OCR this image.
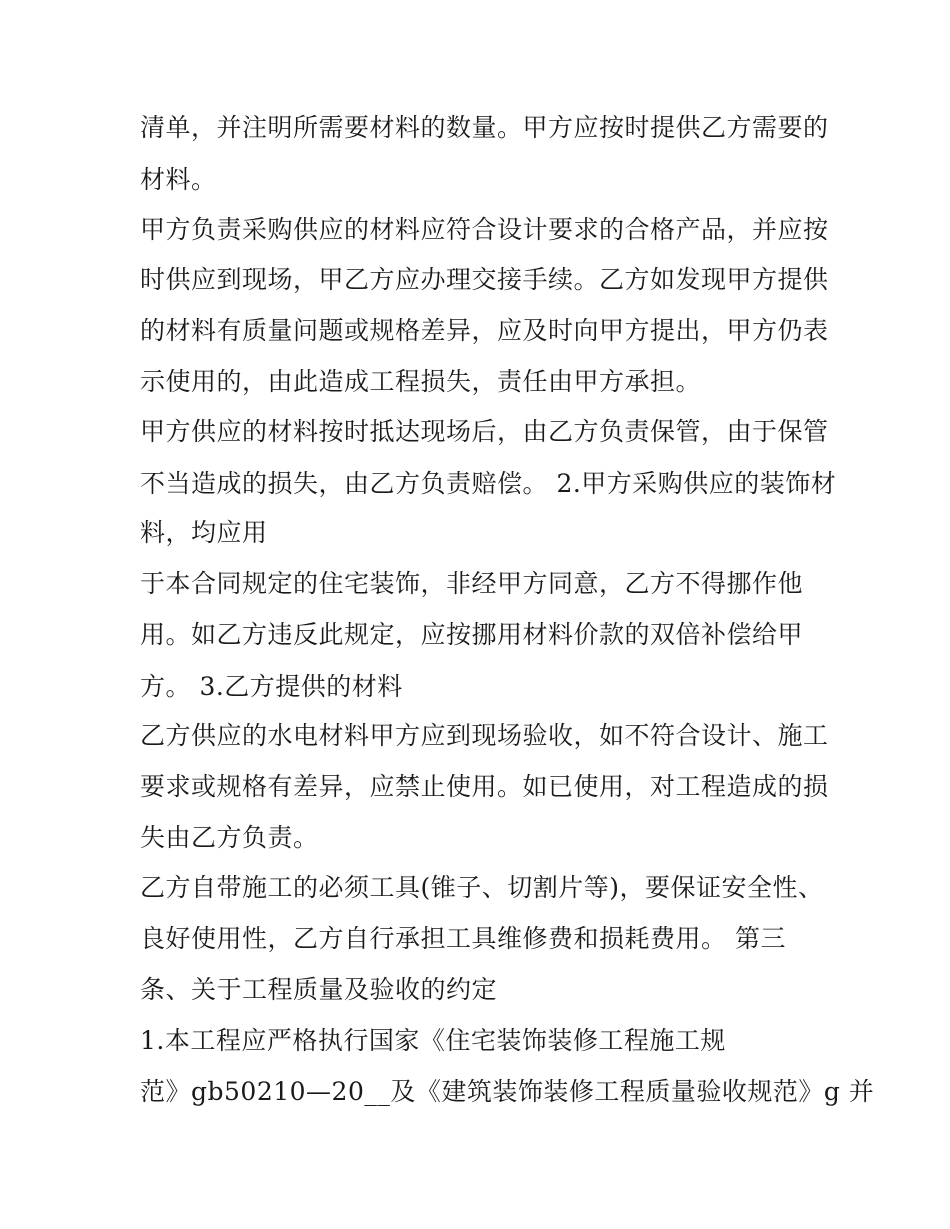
清单，并注明所需要材料的数量。甲方应按时提供乙方需要的
材料。
甲方负责采购供应的材料应符合设计要求的合格产品，并应按
时供应到现场，甲乙方应办理交接手续。乙方如发现甲方提供
的材料有质量问题或规格差异，应及时向甲方提出，甲方仍表
示使用的，由此造成工程损失，责任由甲方承担。
甲方供应的材料按时抵达现场后，由乙方负责保管，由于保管
不当造成的损失，由乙方负责赔偿。 2.甲方采购供应的装饰材
料，均应用
于本合同规定的住宅装饰，非经甲方同意，乙方不得挪作他
用。如乙方违反此规定，应按挪用材料价款的双倍补偿给甲
方。 3.乙方提供的材料
乙方供应的水电材料甲方应到现场验收，如不符合设计、施工
要求或规格有差异，应禁止使用。如已使用，对工程造成的损
失由乙方负责。
乙方自带施工的必须工具(锥子、切割片等)，要保证安全性、
良好使用性，乙方自行承担工具维修费和损耗费用。 第三
条、关于工程质量及验收的约定
1.本工程应严格执行国家《住宅装饰装修工程施工规
范》gb50210—20__及《建筑装饰装修工程质量验收规范》g 并
